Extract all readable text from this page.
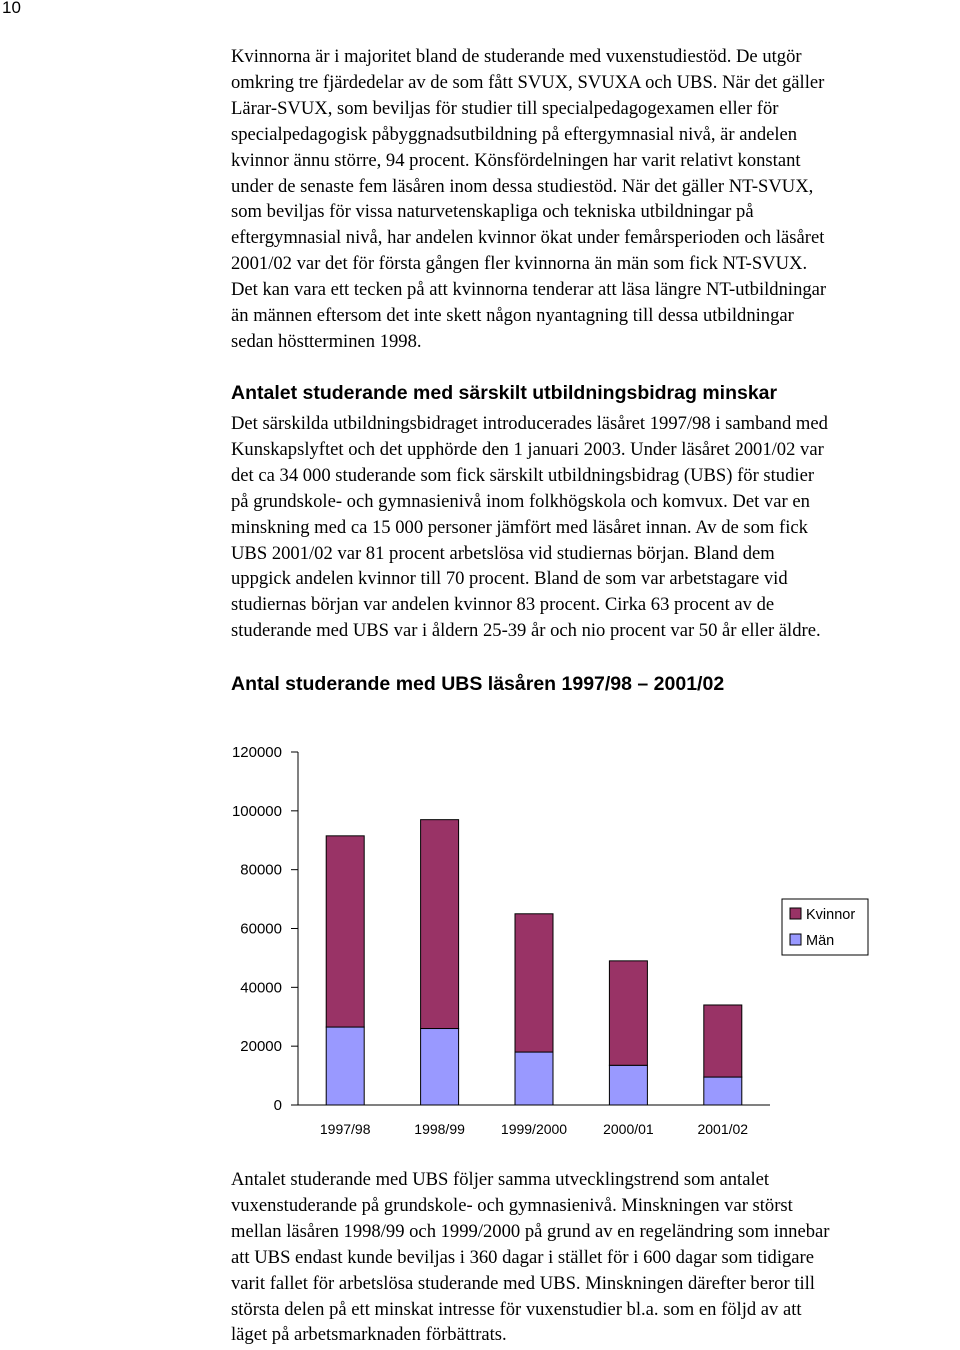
10
Kvinnorna är i majoritet bland de studerande med vuxenstudiestöd. De utgör
omkring tre fjärdedelar av de som fått SVUX, SVUXA och UBS. När det gäller
Lärar-SVUX, som beviljas för studier till specialpedagogexamen eller för
specialpedagogisk påbyggnadsutbildning på eftergymnasial nivå, är andelen
kvinnor ännu större, 94 procent. Könsfördelningen har varit relativt konstant
under de senaste fem läsåren inom dessa studiestöd. När det gäller NT-SVUX,
som beviljas för vissa naturvetenskapliga och tekniska utbildningar på
eftergymnasial nivå, har andelen kvinnor ökat under femårsperioden och läsåret
2001/02 var det för första gången fler kvinnorna än män som fick NT-SVUX.
Det kan vara ett tecken på att kvinnorna tenderar att läsa längre NT-utbildningar
än männen eftersom det inte skett någon nyantagning till dessa utbildningar
sedan höstterminen 1998.
Antalet studerande med särskilt utbildningsbidrag minskar
Det särskilda utbildningsbidraget introducerades läsåret 1997/98 i samband med
Kunskapslyftet och det upphörde den 1 januari 2003. Under läsåret 2001/02 var
det ca 34 000 studerande som fick särskilt utbildningsbidrag (UBS) för studier
på grundskole- och gymnasienivå inom folkhögskola och komvux. Det var en
minskning med ca 15 000 personer jämfört med läsåret innan. Av de som fick
UBS 2001/02 var 81 procent arbetslösa vid studiernas början. Bland dem
uppgick andelen kvinnor till 70 procent. Bland de som var arbetstagare vid
studiernas början var andelen kvinnor 83 procent. Cirka 63 procent av de
studerande med UBS var i åldern 25-39 år och nio procent var 50 år eller äldre.
Antal studerande med UBS läsåren 1997/98 – 2001/02
0
20000
40000
60000
80000
100000
120000
1997/98	1998/99	1999/2000	2000/01	2001/02
Kvinnor
Män
Antalet studerande med UBS följer samma utvecklingstrend som antalet
vuxenstuderande på grundskole- och gymnasienivå. Minskningen var störst
mellan läsåren 1998/99 och 1999/2000 på grund av en regeländring som innebar
att UBS endast kunde beviljas i 360 dagar i stället för i 600 dagar som tidigare
varit fallet för arbetslösa studerande med UBS. Minskningen därefter beror till
största delen på ett minskat intresse för vuxenstudier bl.a. som en följd av att
läget på arbetsmarknaden förbättrats.
